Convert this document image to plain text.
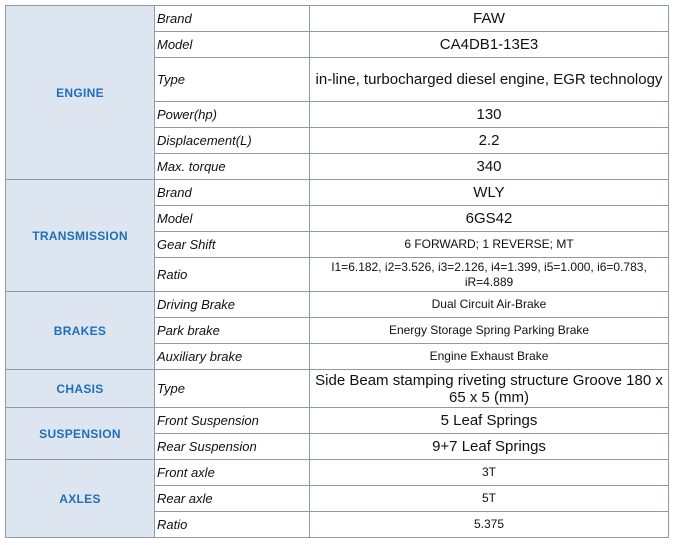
ENGINE	Brand	FAW
	Model	CA4DB1-13E3
	Type	in-line, turbocharged diesel engine, EGR technology
	Power(hp)	130
	Displacement(L)	2.2
	Max. torque	340
TRANSMISSION	Brand	WLY
	Model	6GS42
	Gear Shift	6 FORWARD; 1 REVERSE; MT
	Ratio	I1=6.182, i2=3.526, i3=2.126, i4=1.399, i5=1.000, i6=0.783, iR=4.889
BRAKES	Driving Brake	Dual Circuit Air-Brake
	Park brake	Energy Storage Spring Parking Brake
	Auxiliary brake	Engine Exhaust Brake
CHASIS	Type	Side Beam stamping riveting structure Groove 180 x 65 x 5 (mm)
SUSPENSION	Front Suspension	5 Leaf Springs
	Rear Suspension	9+7 Leaf Springs
AXLES	Front axle	3T
	Rear axle	5T
	Ratio	5.375
